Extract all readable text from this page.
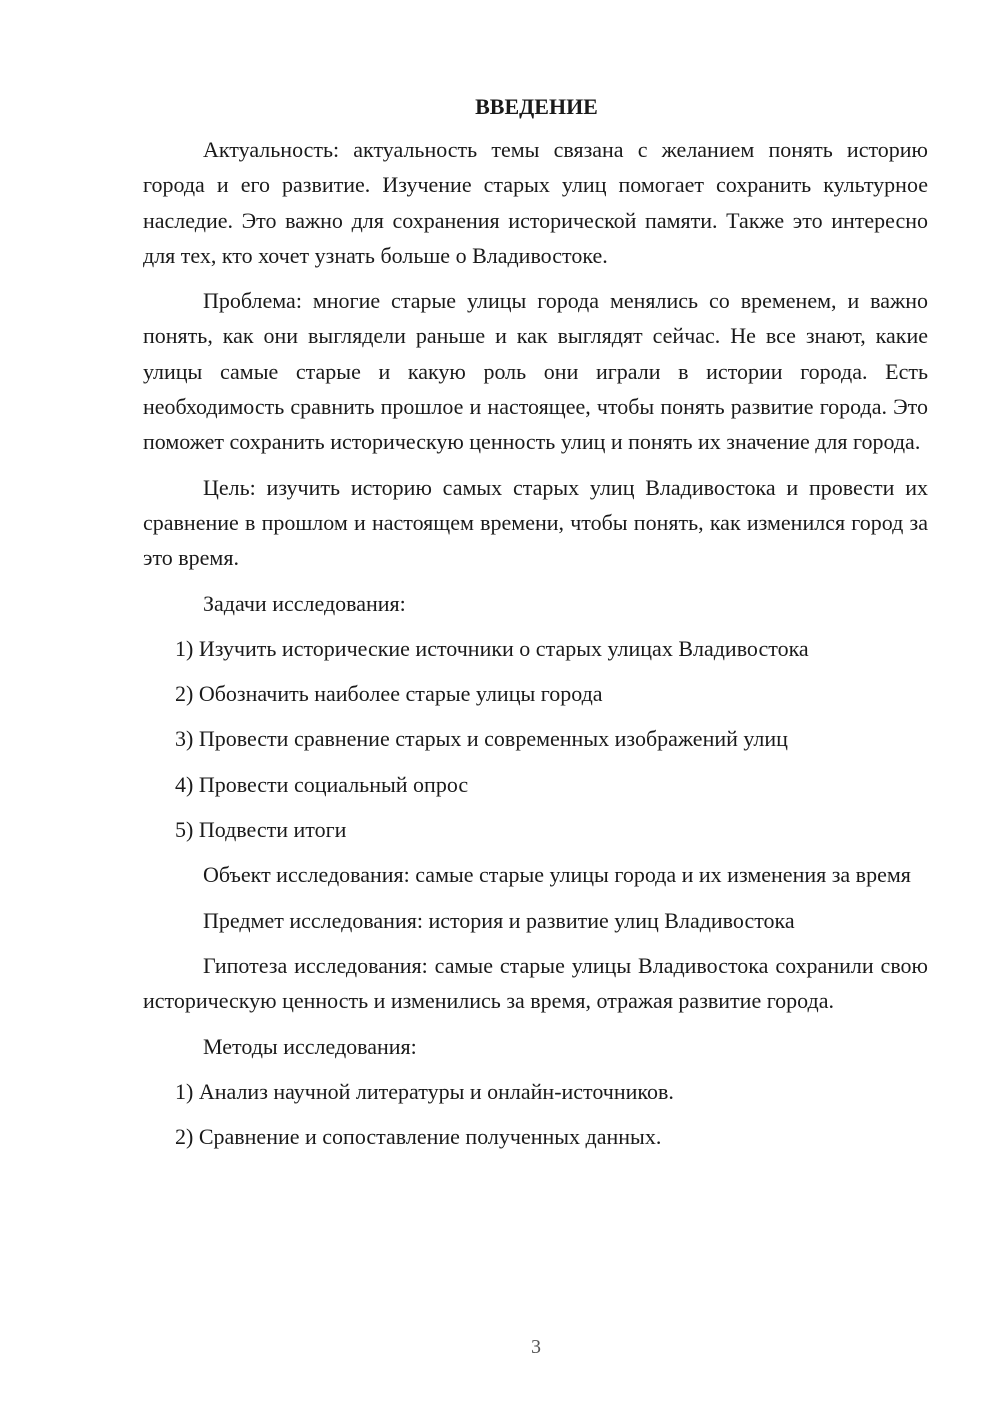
ВВЕДЕНИЕ

Актуальность: актуальность темы связана с желанием понять историю города и его развитие. Изучение старых улиц помогает сохранить культурное наследие. Это важно для сохранения исторической памяти. Также это интересно для тех, кто хочет узнать больше о Владивостоке.

Проблема: многие старые улицы города менялись со временем, и важно понять, как они выглядели раньше и как выглядят сейчас. Не все знают, какие улицы самые старые и какую роль они играли в истории города. Есть необходимость сравнить прошлое и настоящее, чтобы понять развитие города. Это поможет сохранить историческую ценность улиц и понять их значение для города.

Цель: изучить историю самых старых улиц Владивостока и провести их сравнение в прошлом и настоящем времени, чтобы понять, как изменился город за это время.

Задачи исследования:
1) Изучить исторические источники о старых улицах Владивостока
2) Обозначить наиболее старые улицы города
3) Провести сравнение старых и современных изображений улиц
4) Провести социальный опрос
5) Подвести итоги

Объект исследования: самые старые улицы города и их изменения за время

Предмет исследования: история и развитие улиц Владивостока

Гипотеза исследования: самые старые улицы Владивостока сохранили свою историческую ценность и изменились за время, отражая развитие города.

Методы исследования:
1) Анализ научной литературы и онлайн-источников.
2) Сравнение и сопоставление полученных данных.
3
